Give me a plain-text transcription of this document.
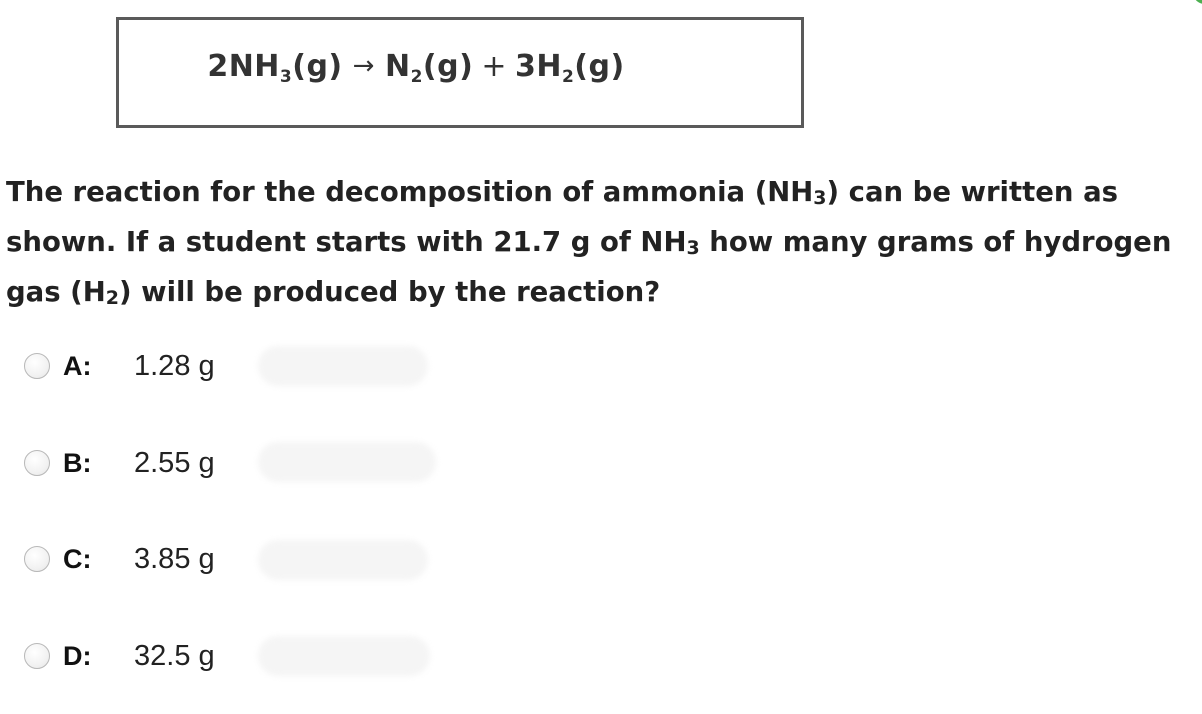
$2NH_3(g) \to N_2(g) + 3H_2(g)$
The reaction for the decomposition of ammonia $(NH_3)$ can be written as shown. If a student starts with 21.7 g of $NH_3$ how many grams of hydrogen gas $(H_2)$ will be produced by the reaction?
A:	1.28 g
B:	2.55 g
C:	3.85 g
D:	32.5 g
